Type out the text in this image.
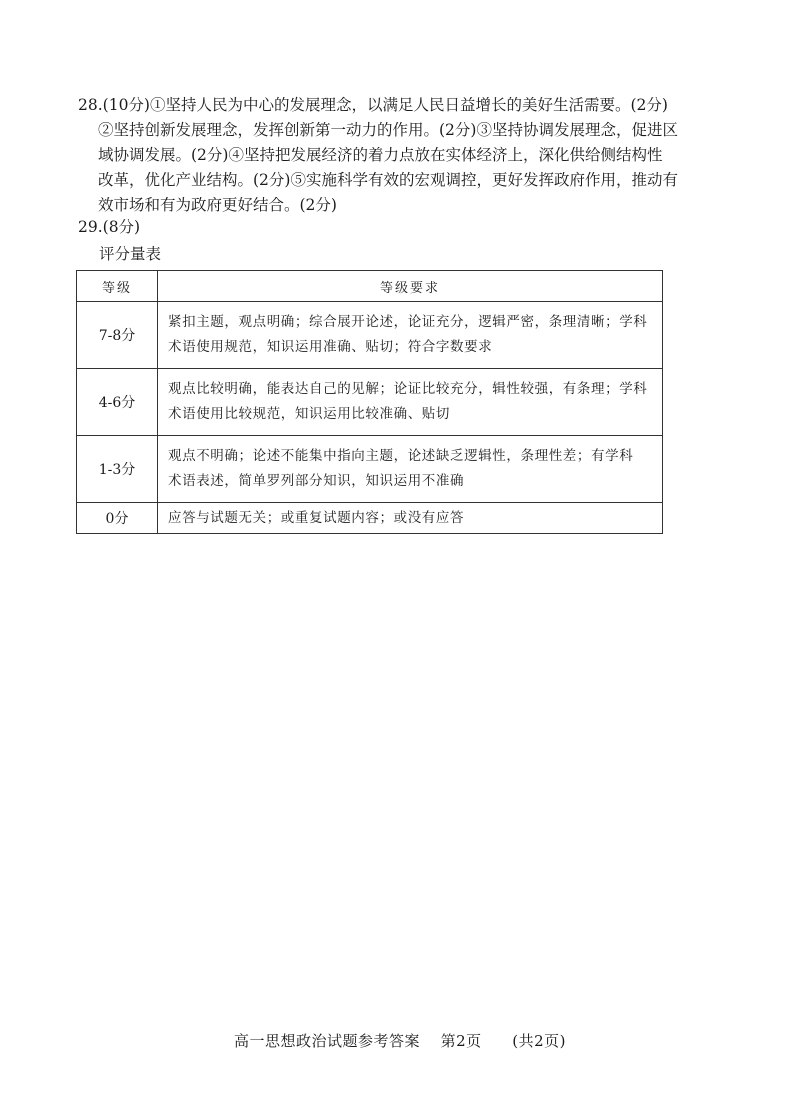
28.(10分)①坚持人民为中心的发展理念，以满足人民日益增长的美好生活需要。(2分)
②坚持创新发展理念，发挥创新第一动力的作用。(2分)③坚持协调发展理念，促进区
域协调发展。(2分)④坚持把发展经济的着力点放在实体经济上，深化供给侧结构性
改革，优化产业结构。(2分)⑤实施科学有效的宏观调控，更好发挥政府作用，推动有
效市场和有为政府更好结合。(2分)
29.(8分)
评分量表
等级	等级要求
7-8分	紧扣主题，观点明确；综合展开论述，论证充分，逻辑严密，条理清晰；学科
术语使用规范，知识运用准确、贴切；符合字数要求

4-6分	观点比较明确，能表达自己的见解；论证比较充分，辑性较强，有条理；学科
术语使用比较规范，知识运用比较准确、贴切

1-3分	观点不明确；论述不能集中指向主题，论述缺乏逻辑性，条理性差；有学科
术语表述，简单罗列部分知识，知识运用不准确

0分	应答与试题无关；或重复试题内容；或没有应答
高一思想政治试题参考答案 第2页 (共2页)
